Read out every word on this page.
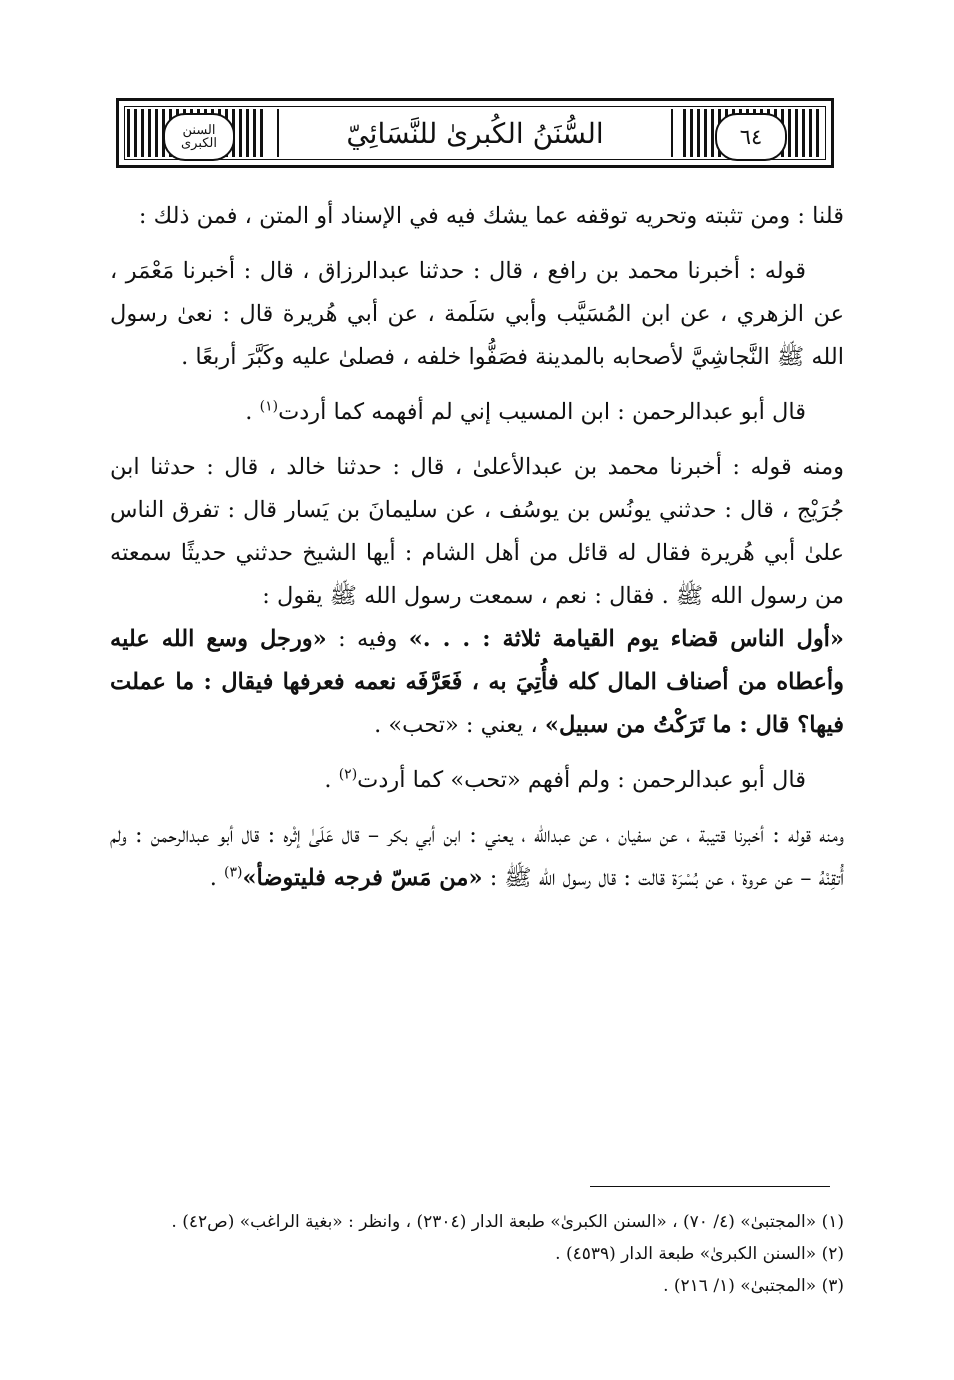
٦٤
السنن الكبرى	السُّنَنُ الكُبرىٰ للنَّسَائِيّ

قلنا : ومن تثبته وتحريه توقفه عما يشك فيه في الإسناد أو المتن ، فمن ذلك :

قوله : أخبرنا محمد بن رافع ، قال : حدثنا عبدالرزاق ، قال : أخبرنا مَعْمَر ، عن الزهري ، عن ابن المُسَيَّب وأبي سَلَمة ، عن أبي هُريرة قال : نعىٰ رسول الله ﷺ النَّجاشِيَّ لأصحابه بالمدينة فصَفُّوا خلفه ، فصلىٰ عليه وكَبَّرَ أربعًا .

قال أبو عبدالرحمن : ابن المسيب إني لم أفهمه كما أردت$^{(١)}$ .

ومنه قوله : أخبرنا محمد بن عبدالأعلىٰ ، قال : حدثنا خالد ، قال : حدثنا ابن جُرَيْج ، قال : حدثني يونُس بن يوسُف ، عن سليمانَ بن يَسار قال : تفرق الناس علىٰ أبي هُريرة فقال له قائل من أهل الشام : أيها الشيخ حدثني حديثًا سمعته من رسول الله ﷺ . فقال : نعم ، سمعت رسول الله ﷺ يقول :
«أول الناس قضاء يوم القيامة ثلاثة : . . .» وفيه : «ورجل وسع الله عليه وأعطاه من أصناف المال كله فأُتِيَ به ، فَعَرَّفَه نعمه فعرفها فيقال : ما عملت فيها؟ قال : ما تَرَكْتُ من سبيل» ، يعني : «تحب» .

قال أبو عبدالرحمن : ولم أفهم «تحب» كما أردت$^{(٢)}$ .

ومنه قوله : أخبرنا قتيبة ، عن سفيان ، عن عبدالله ، يعني : ابن أبي بكر – قال عَلَىٰ إثْره : قال أبو عبدالرحمن : ولم أُتقِنْهُ – عن عروة ، عن بُسْرَة قالت : قال رسول الله ﷺ : «من مَسّ فرجه فليتوضأ»$^{(٣)}$ .

(١) «المجتبىٰ» (٤/ ٧٠) ، «السنن الكبرىٰ» طبعة الدار (٢٣٠٤) ، وانظر : «بغية الراغب» (ص٤٢) .
(٢) «السنن الكبرىٰ» طبعة الدار (٤٥٣٩) .
(٣) «المجتبىٰ» (١/ ٢١٦) .
